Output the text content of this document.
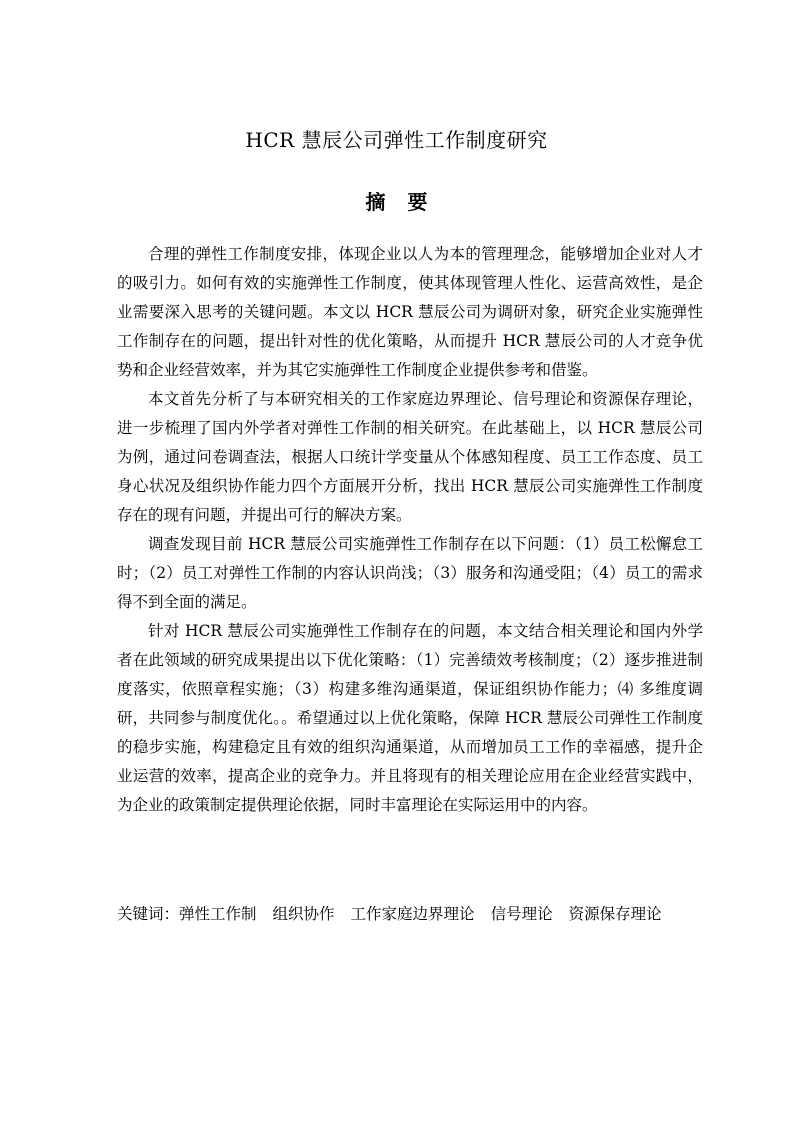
HCR 慧辰公司弹性工作制度研究
摘要

合理的弹性工作制度安排，体现企业以人为本的管理理念，能够增加企业对人才的吸引力。如何有效的实施弹性工作制度，使其体现管理人性化、运营高效性，是企业需要深入思考的关键问题。本文以 HCR 慧辰公司为调研对象，研究企业实施弹性工作制存在的问题，提出针对性的优化策略，从而提升 HCR 慧辰公司的人才竞争优势和企业经营效率，并为其它实施弹性工作制度企业提供参考和借鉴。

本文首先分析了与本研究相关的工作家庭边界理论、信号理论和资源保存理论，进一步梳理了国内外学者对弹性工作制的相关研究。在此基础上，以 HCR 慧辰公司为例，通过问卷调查法，根据人口统计学变量从个体感知程度、员工工作态度、员工身心状况及组织协作能力四个方面展开分析，找出 HCR 慧辰公司实施弹性工作制度存在的现有问题，并提出可行的解决方案。

调查发现目前 HCR 慧辰公司实施弹性工作制存在以下问题：（1）员工松懈怠工时；（2）员工对弹性工作制的内容认识尚浅；（3）服务和沟通受阻；（4）员工的需求得不到全面的满足。

针对 HCR 慧辰公司实施弹性工作制存在的问题，本文结合相关理论和国内外学者在此领域的研究成果提出以下优化策略：（1）完善绩效考核制度；（2）逐步推进制度落实，依照章程实施；（3）构建多维沟通渠道，保证组织协作能力；⑷ 多维度调研，共同参与制度优化。。希望通过以上优化策略，保障 HCR 慧辰公司弹性工作制度的稳步实施，构建稳定且有效的组织沟通渠道，从而增加员工工作的幸福感，提升企业运营的效率，提高企业的竞争力。并且将现有的相关理论应用在企业经营实践中，为企业的政策制定提供理论依据，同时丰富理论在实际运用中的内容。

关键词：弹性工作制 组织协作 工作家庭边界理论 信号理论 资源保存理论
